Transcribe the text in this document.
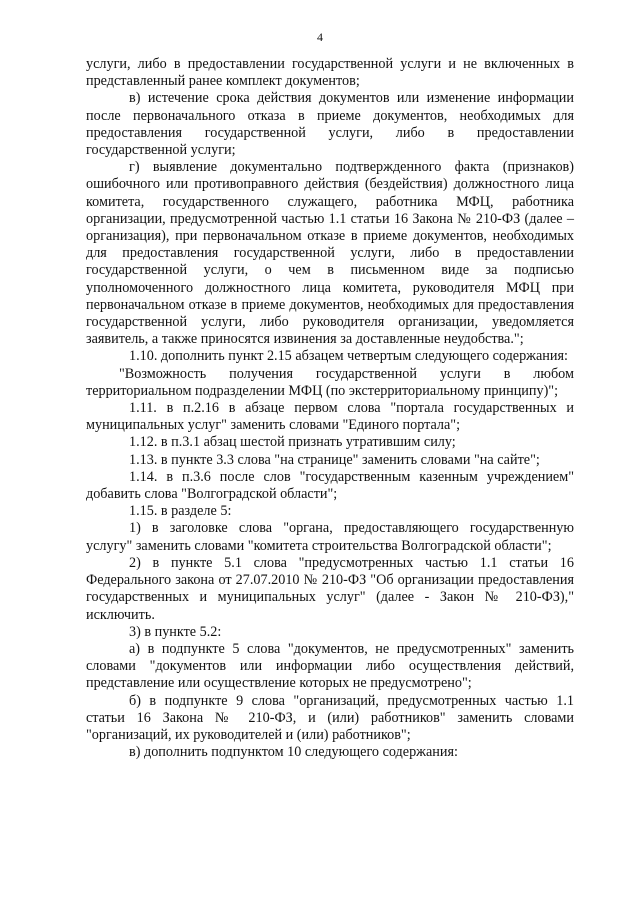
4

услуги, либо в предоставлении государственной услуги и не включенных в представленный ранее комплект документов;

в) истечение срока действия документов или изменение информации после первоначального отказа в приеме документов, необходимых для предоставления государственной услуги, либо в предоставлении государственной услуги;

г) выявление документально подтвержденного факта (признаков) ошибочного или противоправного действия (бездействия) должностного лица комитета, государственного служащего, работника МФЦ, работника организации, предусмотренной частью 1.1 статьи 16 Закона № 210-ФЗ (далее – организация), при первоначальном отказе в приеме документов, необходимых для предоставления государственной услуги, либо в предоставлении государственной услуги, о чем в письменном виде за подписью уполномоченного должностного лица комитета, руководителя МФЦ при первоначальном отказе в приеме документов, необходимых для предоставления государственной услуги, либо руководителя организации, уведомляется заявитель, а также приносятся извинения за доставленные неудобства.";

1.10. дополнить пункт 2.15 абзацем четвертым следующего содержания:

"Возможность получения государственной услуги в любом территориальном подразделении МФЦ (по экстерриториальному принципу)";

1.11. в п.2.16 в абзаце первом слова "портала государственных и муниципальных услуг" заменить словами "Единого портала";

1.12. в п.3.1 абзац шестой признать утратившим силу;

1.13. в пункте 3.3 слова "на странице" заменить словами "на сайте";

1.14. в п.3.6 после слов "государственным казенным учреждением" добавить слова "Волгоградской области";

1.15. в разделе 5:

1) в заголовке слова "органа, предоставляющего государственную услугу" заменить словами "комитета строительства Волгоградской области";

2) в пункте 5.1 слова "предусмотренных частью 1.1 статьи 16 Федерального закона от 27.07.2010 № 210-ФЗ "Об организации предоставления государственных и муниципальных услуг" (далее - Закон № 210-ФЗ)," исключить.

3) в пункте 5.2:

а) в подпункте 5 слова "документов, не предусмотренных" заменить словами "документов или информации либо осуществления действий, представление или осуществление которых не предусмотрено";

б) в подпункте 9 слова "организаций, предусмотренных частью 1.1 статьи 16 Закона № 210-ФЗ, и (или) работников" заменить словами "организаций, их руководителей и (или) работников";

в) дополнить подпунктом 10 следующего содержания:
